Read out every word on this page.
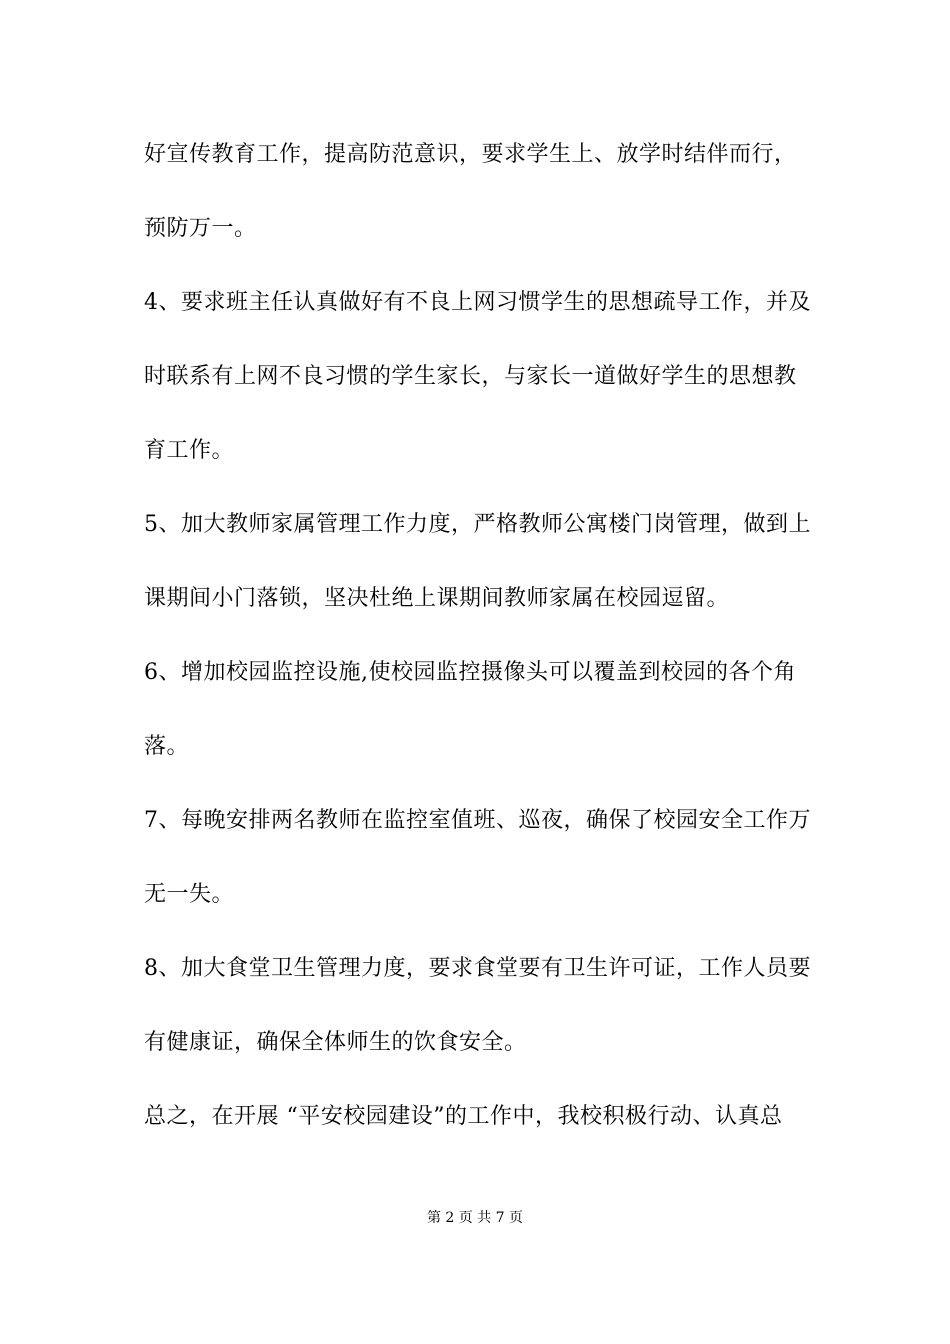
好宣传教育工作，提高防范意识，要求学生上、放学时结伴而行，
预防万一。
4、要求班主任认真做好有不良上网习惯学生的思想疏导工作，并及
时联系有上网不良习惯的学生家长，与家长一道做好学生的思想教
育工作。
5、加大教师家属管理工作力度，严格教师公寓楼门岗管理，做到上
课期间小门落锁，坚决杜绝上课期间教师家属在校园逗留。
6、增加校园监控设施,使校园监控摄像头可以覆盖到校园的各个角
落。
7、每晚安排两名教师在监控室值班、巡夜，确保了校园安全工作万
无一失。
8、加大食堂卫生管理力度，要求食堂要有卫生许可证，工作人员要
有健康证，确保全体师生的饮食安全。
总之，在开展 “平安校园建设”的工作中，我校积极行动、认真总
第 2 页 共 7 页
